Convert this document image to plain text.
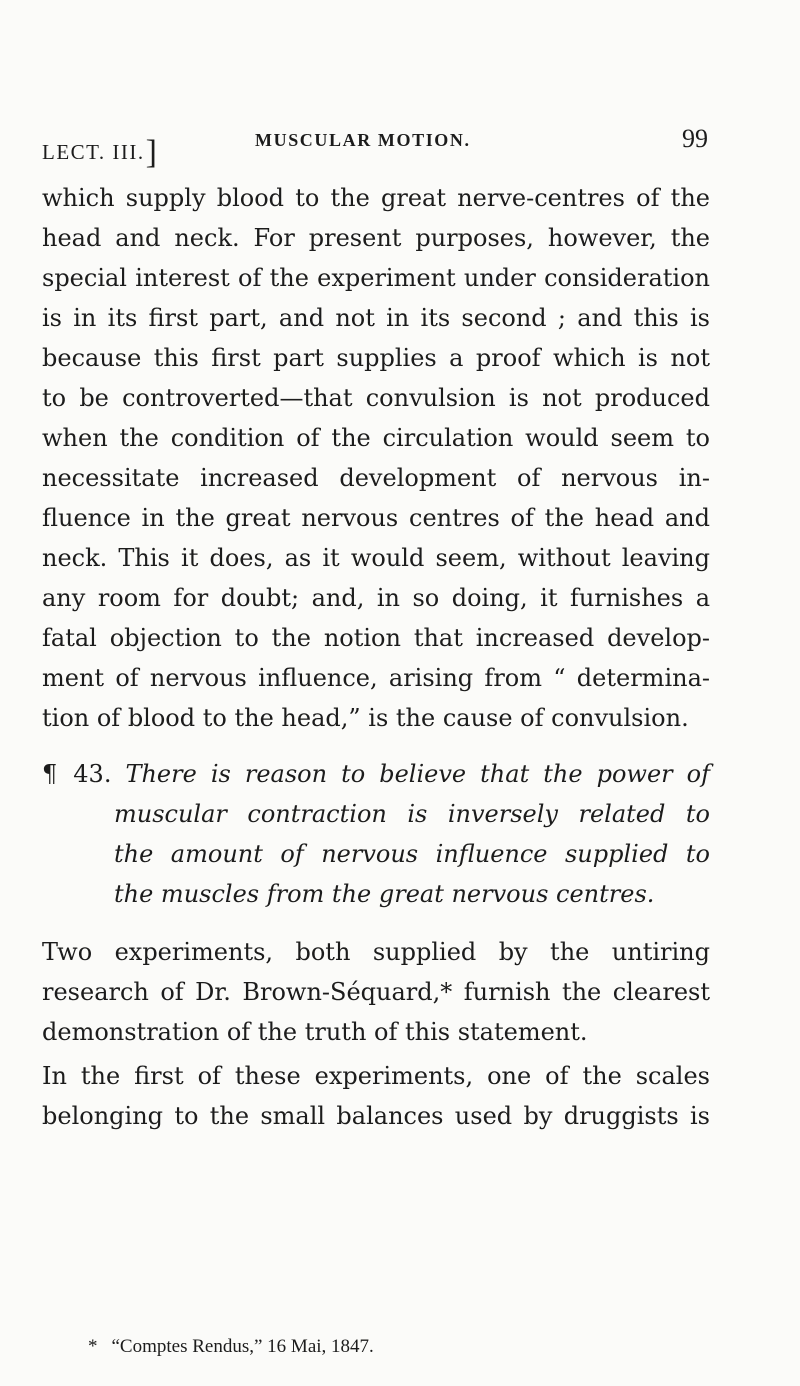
LECT. III.]	MUSCULAR MOTION.	99
which supply blood to the great nerve-centres of the
head and neck. For present purposes, however, the
special interest of the experiment under consideration
is in its first part, and not in its second ; and this is
because this first part supplies a proof which is not
to be controverted—that convulsion is not produced
when the condition of the circulation would seem to
necessitate increased development of nervous in-
fluence in the great nervous centres of the head and
neck. This it does, as it would seem, without leaving
any room for doubt; and, in so doing, it furnishes a
fatal objection to the notion that increased develop-
ment of nervous influence, arising from “ determina-
tion of blood to the head,” is the cause of convulsion.
¶ 43. There is reason to believe that the power of
muscular contraction is inversely related to
the amount of nervous influence supplied to
the muscles from the great nervous centres.
Two experiments, both supplied by the untiring
research of Dr. Brown-Séquard,* furnish the clearest
demonstration of the truth of this statement.
In the first of these experiments, one of the scales
belonging to the small balances used by druggists is
* “Comptes Rendus,” 16 Mai, 1847.
